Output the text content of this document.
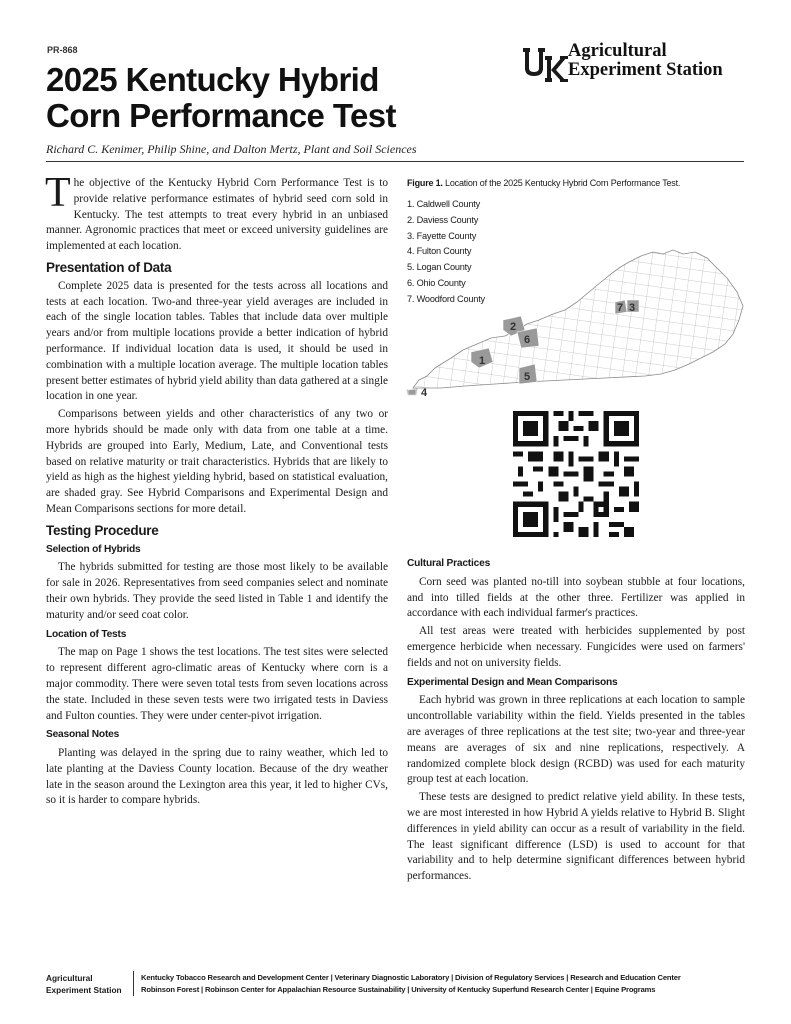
PR-868
2025 Kentucky Hybrid
Corn Performance Test
Agricultural
Experiment Station
Richard C. Kenimer, Philip Shine, and Dalton Mertz, Plant and Soil Sciences

The objective of the Kentucky Hybrid Corn Performance Test is to provide relative performance estimates of hybrid seed corn sold in Kentucky. The test attempts to treat every hybrid in an unbiased manner. Agronomic practices that meet or exceed university guidelines are implemented at each location.

Presentation of Data

Complete 2025 data is presented for the tests across all locations and tests at each location. Two-and three-year yield averages are included in each of the single location tables. Tables that include data over multiple years and/or from multiple locations provide a better indication of hybrid performance. If individual location data is used, it should be used in combination with a multiple location average. The multiple location tables present better estimates of hybrid yield ability than data gathered at a single location in one year.

Comparisons between yields and other characteristics of any two or more hybrids should be made only with data from one table at a time. Hybrids are grouped into Early, Medium, Late, and Conventional tests based on relative maturity or trait characteristics. Hybrids that are likely to yield as high as the highest yielding hybrid, based on statistical evaluation, are shaded gray. See Hybrid Comparisons and Experimental Design and Mean Comparisons sections for more detail.

Testing Procedure
Selection of Hybrids

The hybrids submitted for testing are those most likely to be available for sale in 2026. Representatives from seed companies select and nominate their own hybrids. They provide the seed listed in Table 1 and identify the maturity and/or seed coat color.

Location of Tests

The map on Page 1 shows the test locations. The test sites were selected to represent different agro-climatic areas of Kentucky where corn is a major commodity. There were seven total tests from seven locations across the state. Included in these seven tests were two irrigated tests in Daviess and Fulton counties. They were under center-pivot irrigation.

Seasonal Notes

Planting was delayed in the spring due to rainy weather, which led to late planting at the Daviess County location. Because of the dry weather late in the season around the Lexington area this year, it led to higher CVs, so it is harder to compare hybrids.

Figure 1. Location of the 2025 Kentucky Hybrid Corn Performance Test.
1. Caldwell County
2. Daviess County
3. Fayette County
4. Fulton County
5. Logan County
6. Ohio County
7. Woodford County
1
2
3
4
5
6
7
Cultural Practices

Corn seed was planted no-till into soybean stubble at four locations, and into tilled fields at the other three. Fertilizer was applied in accordance with each individual farmer's practices.

All test areas were treated with herbicides supplemented by post emergence herbicide when necessary. Fungicides were used on farmers' fields and not on university fields.

Experimental Design and Mean Comparisons

Each hybrid was grown in three replications at each location to sample uncontrollable variability within the field. Yields presented in the tables are averages of three replications at the test site; two-year and three-year means are averages of six and nine replications, respectively. A randomized complete block design (RCBD) was used for each maturity group test at each location.

These tests are designed to predict relative yield ability. In these tests, we are most interested in how Hybrid A yields relative to Hybrid B. Slight differences in yield ability can occur as a result of variability in the field. The least significant difference (LSD) is used to account for that variability and to help determine significant differences between hybrid performances.

Agricultural
Experiment Station
Kentucky Tobacco Research and Development Center | Veterinary Diagnostic Laboratory | Division of Regulatory Services | Research and Education Center
Robinson Forest | Robinson Center for Appalachian Resource Sustainability | University of Kentucky Superfund Research Center | Equine Programs
